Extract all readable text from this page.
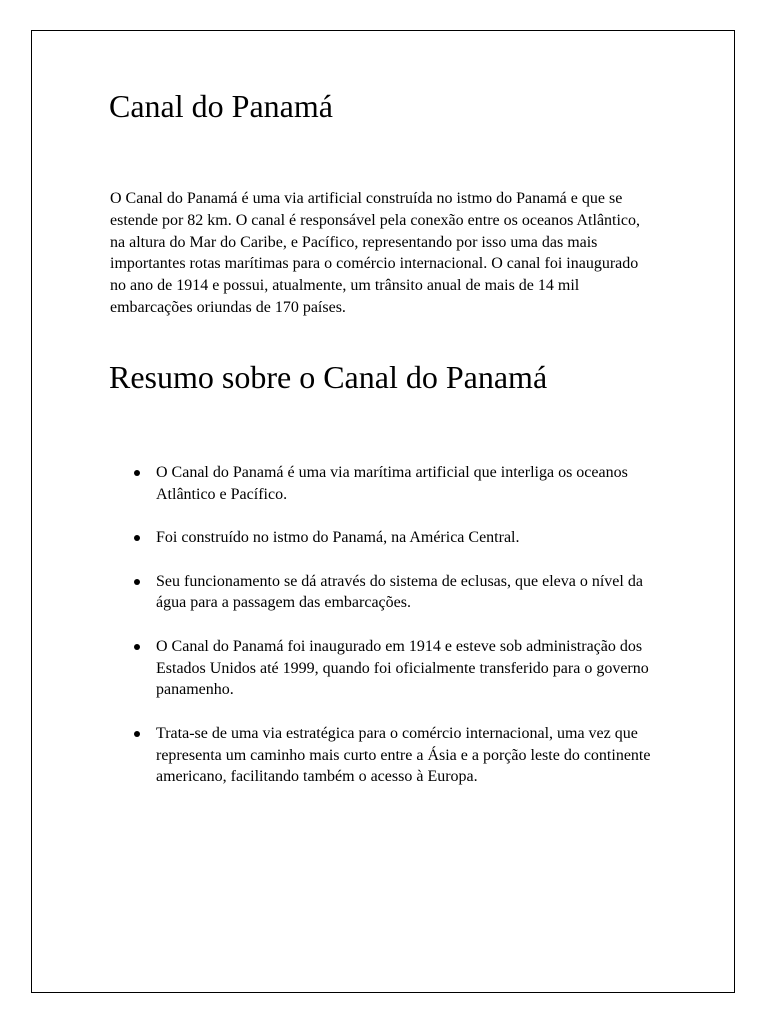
Canal do Panamá

O Canal do Panamá é uma via artificial construída no istmo do Panamá e que se estende por 82 km. O canal é responsável pela conexão entre os oceanos Atlântico, na altura do Mar do Caribe, e Pacífico, representando por isso uma das mais importantes rotas marítimas para o comércio internacional. O canal foi inaugurado no ano de 1914 e possui, atualmente, um trânsito anual de mais de 14 mil embarcações oriundas de 170 países.

Resumo sobre o Canal do Panamá
O Canal do Panamá é uma via marítima artificial que interliga os oceanos Atlântico e Pacífico.
Foi construído no istmo do Panamá, na América Central.
Seu funcionamento se dá através do sistema de eclusas, que eleva o nível da água para a passagem das embarcações.
O Canal do Panamá foi inaugurado em 1914 e esteve sob administração dos Estados Unidos até 1999, quando foi oficialmente transferido para o governo panamenho.
Trata-se de uma via estratégica para o comércio internacional, uma vez que representa um caminho mais curto entre a Ásia e a porção leste do continente americano, facilitando também o acesso à Europa.
